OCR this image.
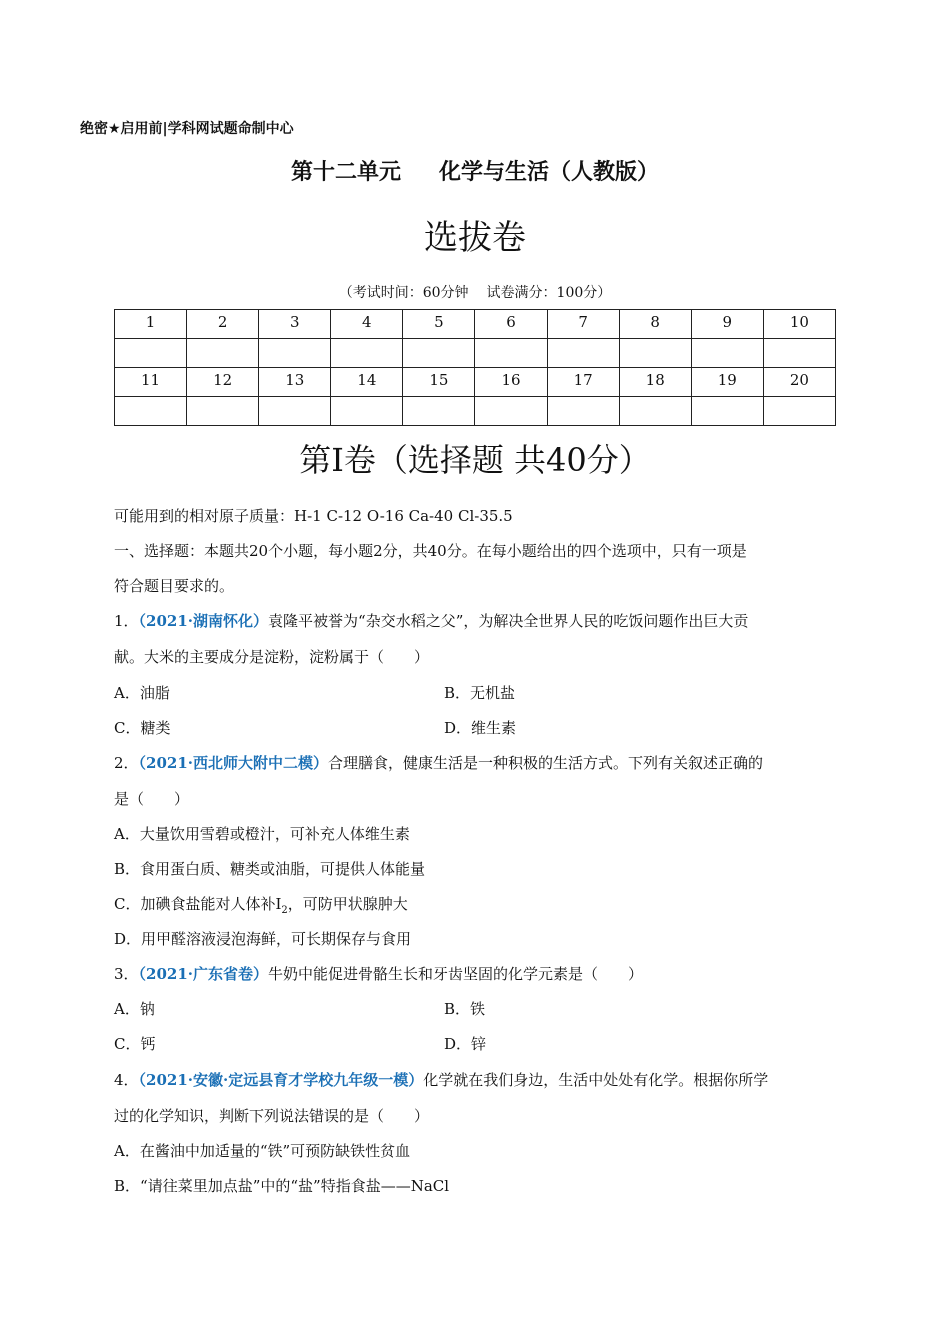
绝密★启用前|学科网试题命制中心
第十二单元 化学与生活（人教版）
选拔卷
（考试时间：60分钟 试卷满分：100分）
1	2	3	4	5	6	7	8	9	10

11	12	13	14	15	16	17	18	19	20

第Ⅰ卷（选择题 共40分）
可能用到的相对原子质量：H-1 C-12 O-16 Ca-40 Cl-35.5
一、选择题：本题共20个小题，每小题2分，共40分。在每小题给出的四个选项中，只有一项是
符合题目要求的。
1．（2021·湖南怀化）袁隆平被誉为“杂交水稻之父”，为解决全世界人民的吃饭问题作出巨大贡
献。大米的主要成分是淀粉，淀粉属于（　　）
A．油脂	B．无机盐
C．糖类	D．维生素
2．（2021·西北师大附中二模）合理膳食，健康生活是一种积极的生活方式。下列有关叙述正确的
是（　　）
A．大量饮用雪碧或橙汁，可补充人体维生素
B．食用蛋白质、糖类或油脂，可提供人体能量
C．加碘食盐能对人体补$I_2$，可防甲状腺肿大
D．用甲醛溶液浸泡海鲜，可长期保存与食用
3．（2021·广东省卷）牛奶中能促进骨骼生长和牙齿坚固的化学元素是（　　）
A．钠	B．铁
C．钙	D．锌
4．（2021·安徽·定远县育才学校九年级一模）化学就在我们身边，生活中处处有化学。根据你所学
过的化学知识，判断下列说法错误的是（　　）
A．在酱油中加适量的“铁”可预防缺铁性贫血
B．“请往菜里加点盐”中的“盐”特指食盐——NaCl
